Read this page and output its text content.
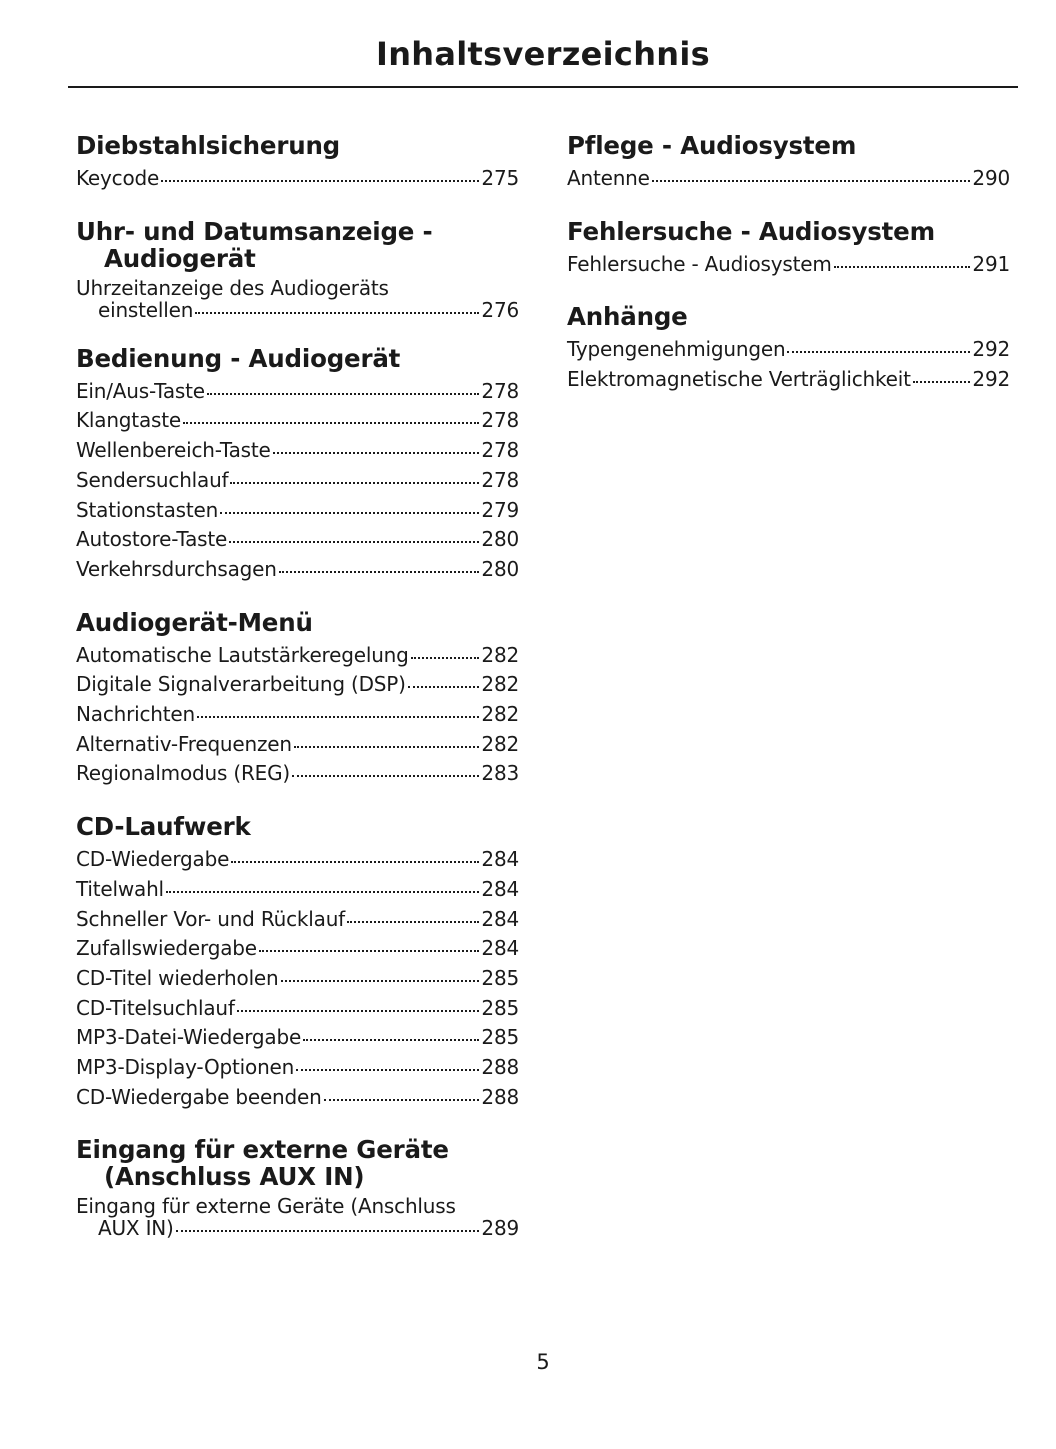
Inhaltsverzeichnis
Diebstahlsicherung
Keycode	275
Uhr- und Datumsanzeige - Audiogerät
Uhrzeitanzeige des Audiogeräts
einstellen	276
Bedienung - Audiogerät
Ein/Aus-Taste	278
Klangtaste	278
Wellenbereich-Taste	278
Sendersuchlauf	278
Stationstasten	279
Autostore-Taste	280
Verkehrsdurchsagen	280
Audiogerät-Menü
Automatische Lautstärkeregelung	282
Digitale Signalverarbeitung (DSP)	282
Nachrichten	282
Alternativ-Frequenzen	282
Regionalmodus (REG)	283
CD-Laufwerk
CD-Wiedergabe	284
Titelwahl	284
Schneller Vor- und Rücklauf	284
Zufallswiedergabe	284
CD-Titel wiederholen	285
CD-Titelsuchlauf	285
MP3-Datei-Wiedergabe	285
MP3-Display-Optionen	288
CD-Wiedergabe beenden	288
Eingang für externe Geräte (Anschluss AUX IN)
Eingang für externe Geräte (Anschluss
AUX IN)	289
Pflege - Audiosystem
Antenne	290
Fehlersuche - Audiosystem
Fehlersuche - Audiosystem	291
Anhänge
Typengenehmigungen	292
Elektromagnetische Verträglichkeit	292
5
